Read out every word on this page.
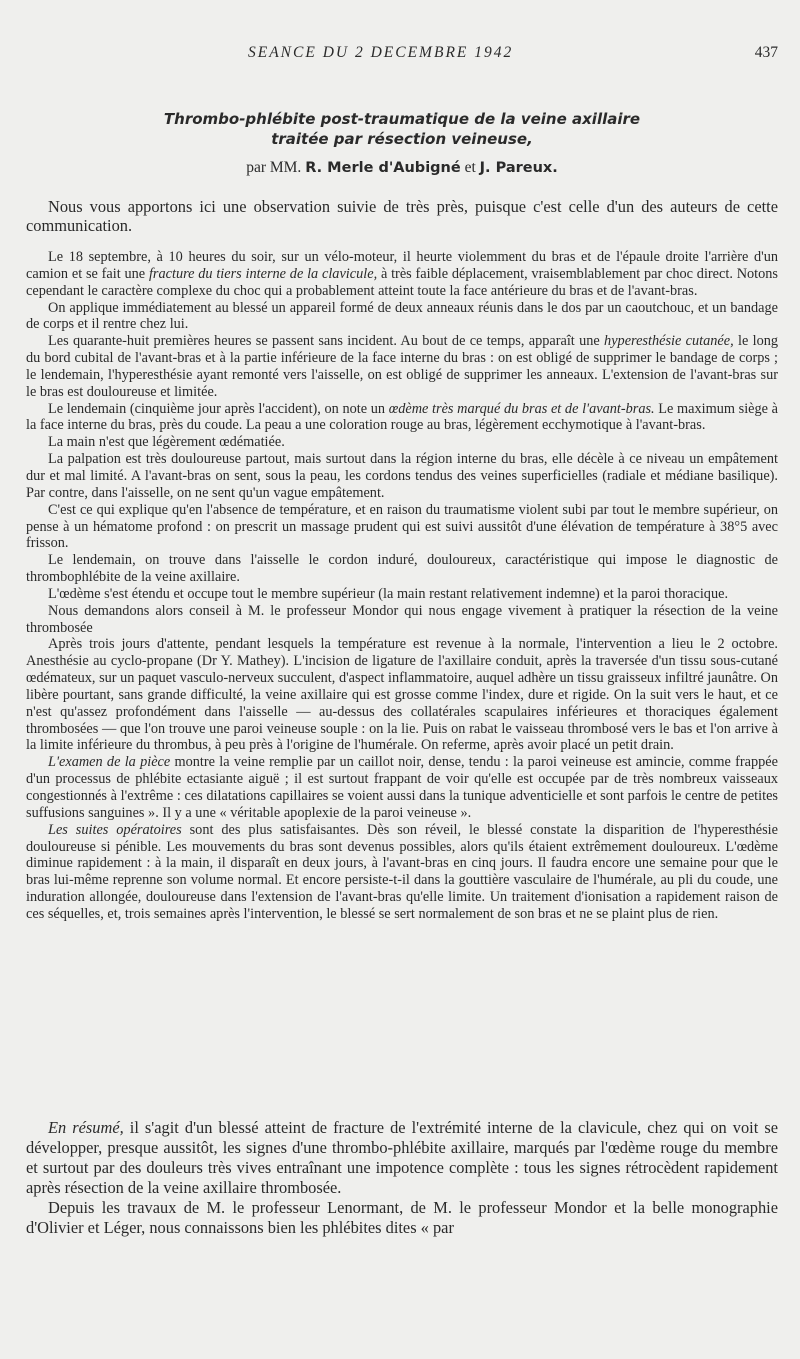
SEANCE DU 2 DECEMBRE 1942	437

Thrombo-phlébite post-traumatique de la veine axillaire
traitée par résection veineuse,

par MM. R. Merle d'Aubigné et J. Pareux.

Nous vous apportons ici une observation suivie de très près, puisque c'est celle d'un des auteurs de cette communication.

Le 18 septembre, à 10 heures du soir, sur un vélo-moteur, il heurte violemment du bras et de l'épaule droite l'arrière d'un camion et se fait une fracture du tiers interne de la clavicule, à très faible déplacement, vraisemblablement par choc direct. Notons cependant le caractère complexe du choc qui a probablement atteint toute la face antérieure du bras et de l'avant-bras.

On applique immédiatement au blessé un appareil formé de deux anneaux réunis dans le dos par un caoutchouc, et un bandage de corps et il rentre chez lui.

Les quarante-huit premières heures se passent sans incident. Au bout de ce temps, apparaît une hyperesthésie cutanée, le long du bord cubital de l'avant-bras et à la partie inférieure de la face interne du bras : on est obligé de supprimer le bandage de corps ; le lendemain, l'hyperesthésie ayant remonté vers l'aisselle, on est obligé de supprimer les anneaux. L'extension de l'avant-bras sur le bras est douloureuse et limitée.

Le lendemain (cinquième jour après l'accident), on note un œdème très marqué du bras et de l'avant-bras. Le maximum siège à la face interne du bras, près du coude. La peau a une coloration rouge au bras, légèrement ecchymotique à l'avant-bras.

La main n'est que légèrement œdématiée.

La palpation est très douloureuse partout, mais surtout dans la région interne du bras, elle décèle à ce niveau un empâtement dur et mal limité. A l'avant-bras on sent, sous la peau, les cordons tendus des veines superficielles (radiale et médiane basilique). Par contre, dans l'aisselle, on ne sent qu'un vague empâtement.

C'est ce qui explique qu'en l'absence de température, et en raison du traumatisme violent subi par tout le membre supérieur, on pense à un hématome profond : on prescrit un massage prudent qui est suivi aussitôt d'une élévation de température à 38°5 avec frisson.

Le lendemain, on trouve dans l'aisselle le cordon induré, douloureux, caractéristique qui impose le diagnostic de thrombophlébite de la veine axillaire.

L'œdème s'est étendu et occupe tout le membre supérieur (la main restant relativement indemne) et la paroi thoracique.

Nous demandons alors conseil à M. le professeur Mondor qui nous engage vivement à pratiquer la résection de la veine thrombosée

Après trois jours d'attente, pendant lesquels la température est revenue à la normale, l'intervention a lieu le 2 octobre. Anesthésie au cyclo-propane (Dr Y. Mathey). L'incision de ligature de l'axillaire conduit, après la traversée d'un tissu sous-cutané œdémateux, sur un paquet vasculo-nerveux succulent, d'aspect inflammatoire, auquel adhère un tissu graisseux infiltré jaunâtre. On libère pourtant, sans grande difficulté, la veine axillaire qui est grosse comme l'index, dure et rigide. On la suit vers le haut, et ce n'est qu'assez profondément dans l'aisselle — au-dessus des collatérales scapulaires inférieures et thoraciques également thrombosées — que l'on trouve une paroi veineuse souple : on la lie. Puis on rabat le vaisseau thrombosé vers le bas et l'on arrive à la limite inférieure du thrombus, à peu près à l'origine de l'humérale. On referme, après avoir placé un petit drain.

L'examen de la pièce montre la veine remplie par un caillot noir, dense, tendu : la paroi veineuse est amincie, comme frappée d'un processus de phlébite ectasiante aiguë ; il est surtout frappant de voir qu'elle est occupée par de très nombreux vaisseaux congestionnés à l'extrême : ces dilatations capillaires se voient aussi dans la tunique adventicielle et sont parfois le centre de petites suffusions sanguines ». Il y a une « véritable apoplexie de la paroi veineuse ».

Les suites opératoires sont des plus satisfaisantes. Dès son réveil, le blessé constate la disparition de l'hyperesthésie douloureuse si pénible. Les mouvements du bras sont devenus possibles, alors qu'ils étaient extrêmement douloureux. L'œdème diminue rapidement : à la main, il disparaît en deux jours, à l'avant-bras en cinq jours. Il faudra encore une semaine pour que le bras lui-même reprenne son volume normal. Et encore persiste-t-il dans la gouttière vasculaire de l'humérale, au pli du coude, une induration allongée, douloureuse dans l'extension de l'avant-bras qu'elle limite. Un traitement d'ionisation a rapidement raison de ces séquelles, et, trois semaines après l'intervention, le blessé se sert normalement de son bras et ne se plaint plus de rien.

En résumé, il s'agit d'un blessé atteint de fracture de l'extrémité interne de la clavicule, chez qui on voit se développer, presque aussitôt, les signes d'une thrombo-phlébite axillaire, marqués par l'œdème rouge du membre et surtout par des douleurs très vives entraînant une impotence complète : tous les signes rétrocèdent rapidement après résection de la veine axillaire thrombosée.

Depuis les travaux de M. le professeur Lenormant, de M. le professeur Mondor et la belle monographie d'Olivier et Léger, nous connaissons bien les phlébites dites « par
